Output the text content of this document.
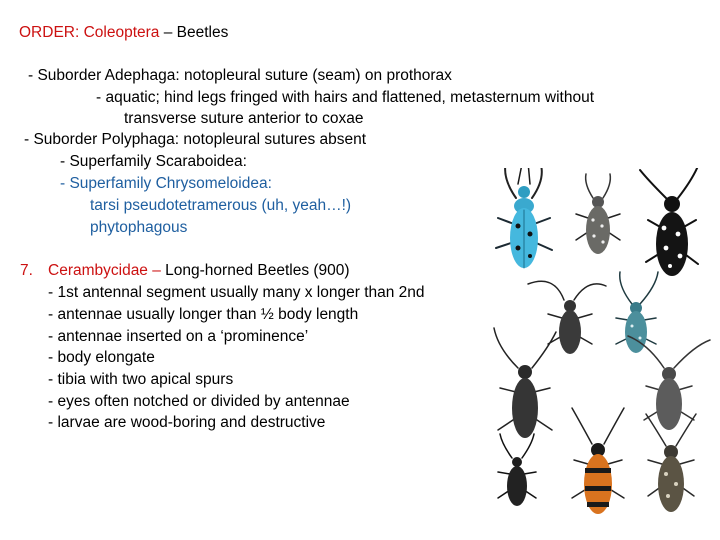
ORDER: Coleoptera – Beetles
- Suborder Adephaga: notopleural suture (seam) on prothorax
- aquatic; hind legs fringed with hairs and flattened, metasternum without
transverse suture anterior to coxae
- Suborder Polyphaga: notopleural sutures absent
- Superfamily Scaraboidea:
- Superfamily Chrysomeloidea:
tarsi pseudotetramerous (uh, yeah…!)
phytophagous
7. Cerambycidae – Long-horned Beetles (900)
- 1st antennal segment usually many x longer than 2nd
- antennae usually longer than ½ body length
- antennae inserted on a ‘prominence’
- body elongate
- tibia with two apical spurs
- eyes often notched or divided by antennae
- larvae are wood-boring and destructive
